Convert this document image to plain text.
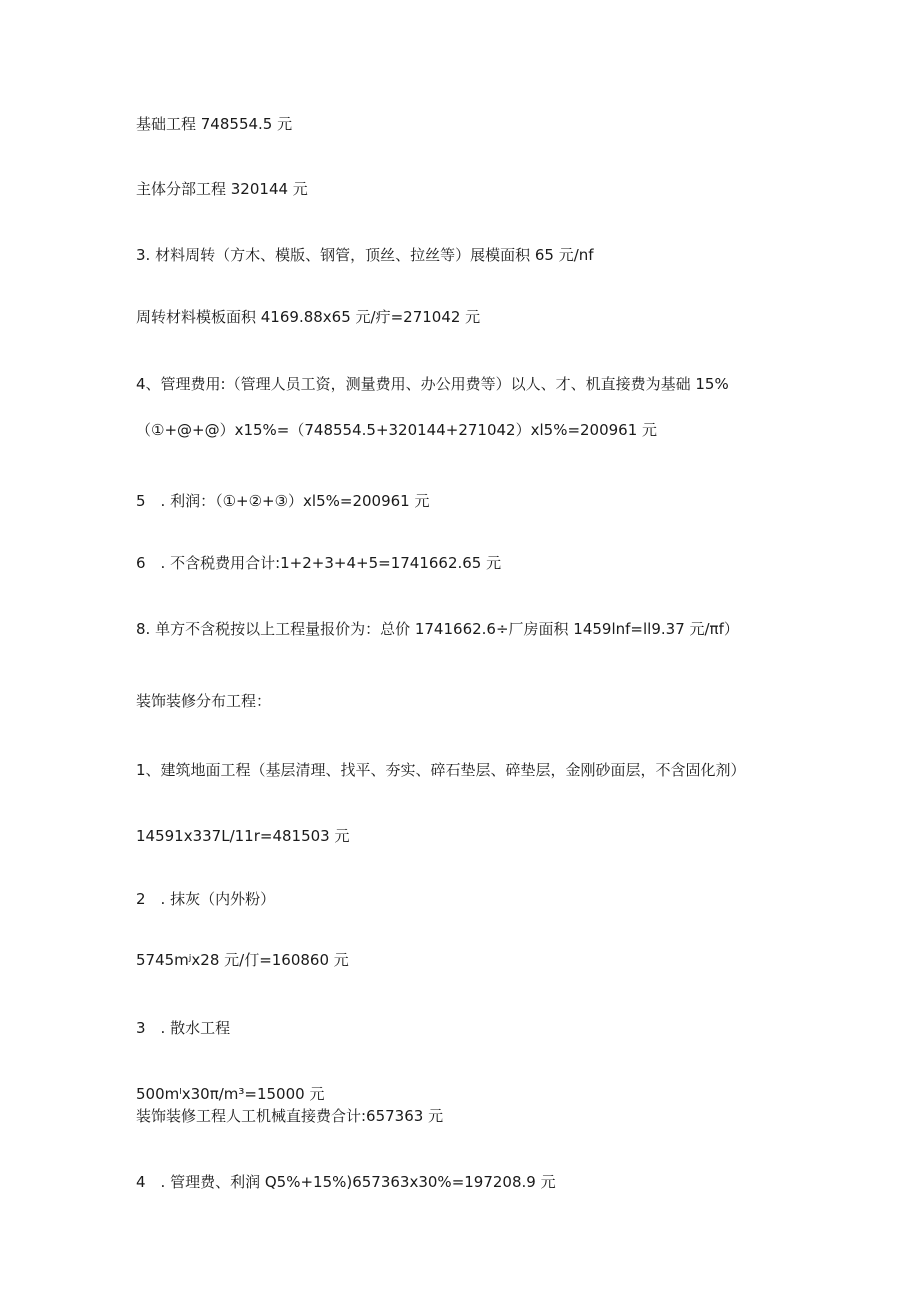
基础工程 748554.5 元
主体分部工程 320144 元
3. 材料周转（方木、模版、钢管，顶丝、拉丝等）展模面积 65 元/nf
周转材料模板面积 4169.88x65 元/疔=271042 元
4、管理费用:（管理人员工资，测量费用、办公用费等）以人、才、机直接费为基础 15%
（①+@+@）x15%=（748554.5+320144+271042）xl5%=200961 元
5　. 利润：（①+②+③）xl5%=200961 元
6　. 不含税费用合计:1+2+3+4+5=1741662.65 元
8. 单方不含税按以上工程量报价为：总价 1741662.6÷厂房面积 1459lnf=ll9.37 元/πf）
装饰装修分布工程：
1、建筑地面工程（基层清理、找平、夯实、碎石垫层、碎垫层，金刚砂面层，不含固化剂）
14591x337L/11r=481503 元
2　. 抹灰（内外粉）
5745mʲx28 元/仃=160860 元
3　. 散水工程
500mˡx30π/m³=15000 元
装饰装修工程人工机械直接费合计:657363 元
4　. 管理费、利润 Q5%+15%)657363x30%=197208.9 元
